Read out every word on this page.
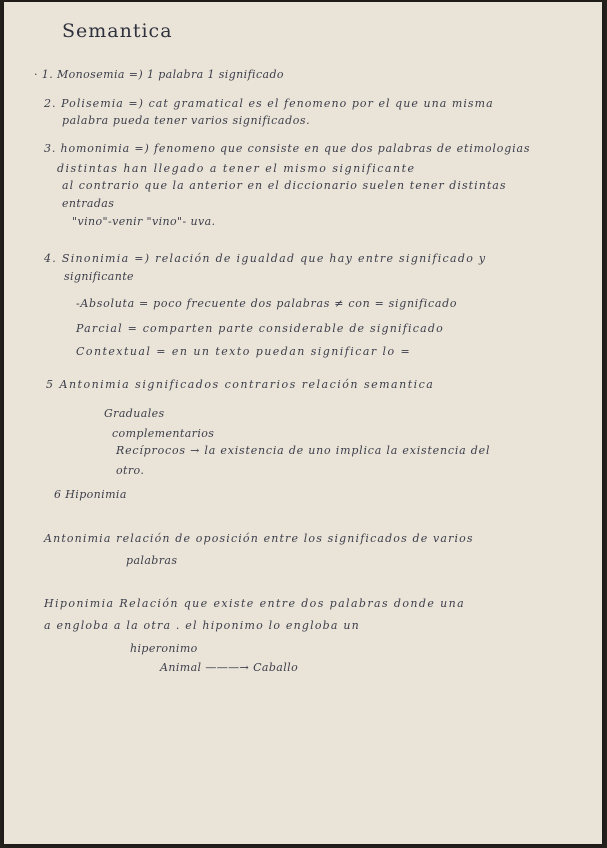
Semantica

· 1. Monosemia =) 1 palabra 1 significado

2. Polisemia =) cat gramatical es el fenomeno por el que una misma

palabra pueda tener varios significados.

3. homonimia =) fenomeno que consiste en que dos palabras de etimologias

distintas han llegado a tener el mismo significante

al contrario que la anterior en el diccionario suelen tener distintas

entradas

"vino"-venir "vino"- uva.

4. Sinonimia =) relación de igualdad que hay entre significado y

significante

-Absoluta = poco frecuente dos palabras ≠ con = significado

Parcial = comparten parte considerable de significado

Contextual = en un texto puedan significar lo =

5 Antonimia significados contrarios relación semantica

Graduales

complementarios

Recíprocos → la existencia de uno implica la existencia del

otro.

6 Hiponimia

Antonimia relación de oposición entre los significados de varios

palabras

Hiponimia Relación que existe entre dos palabras donde una

a engloba a la otra . el hiponimo lo engloba un

hiperonimo

Animal ———→ Caballo
